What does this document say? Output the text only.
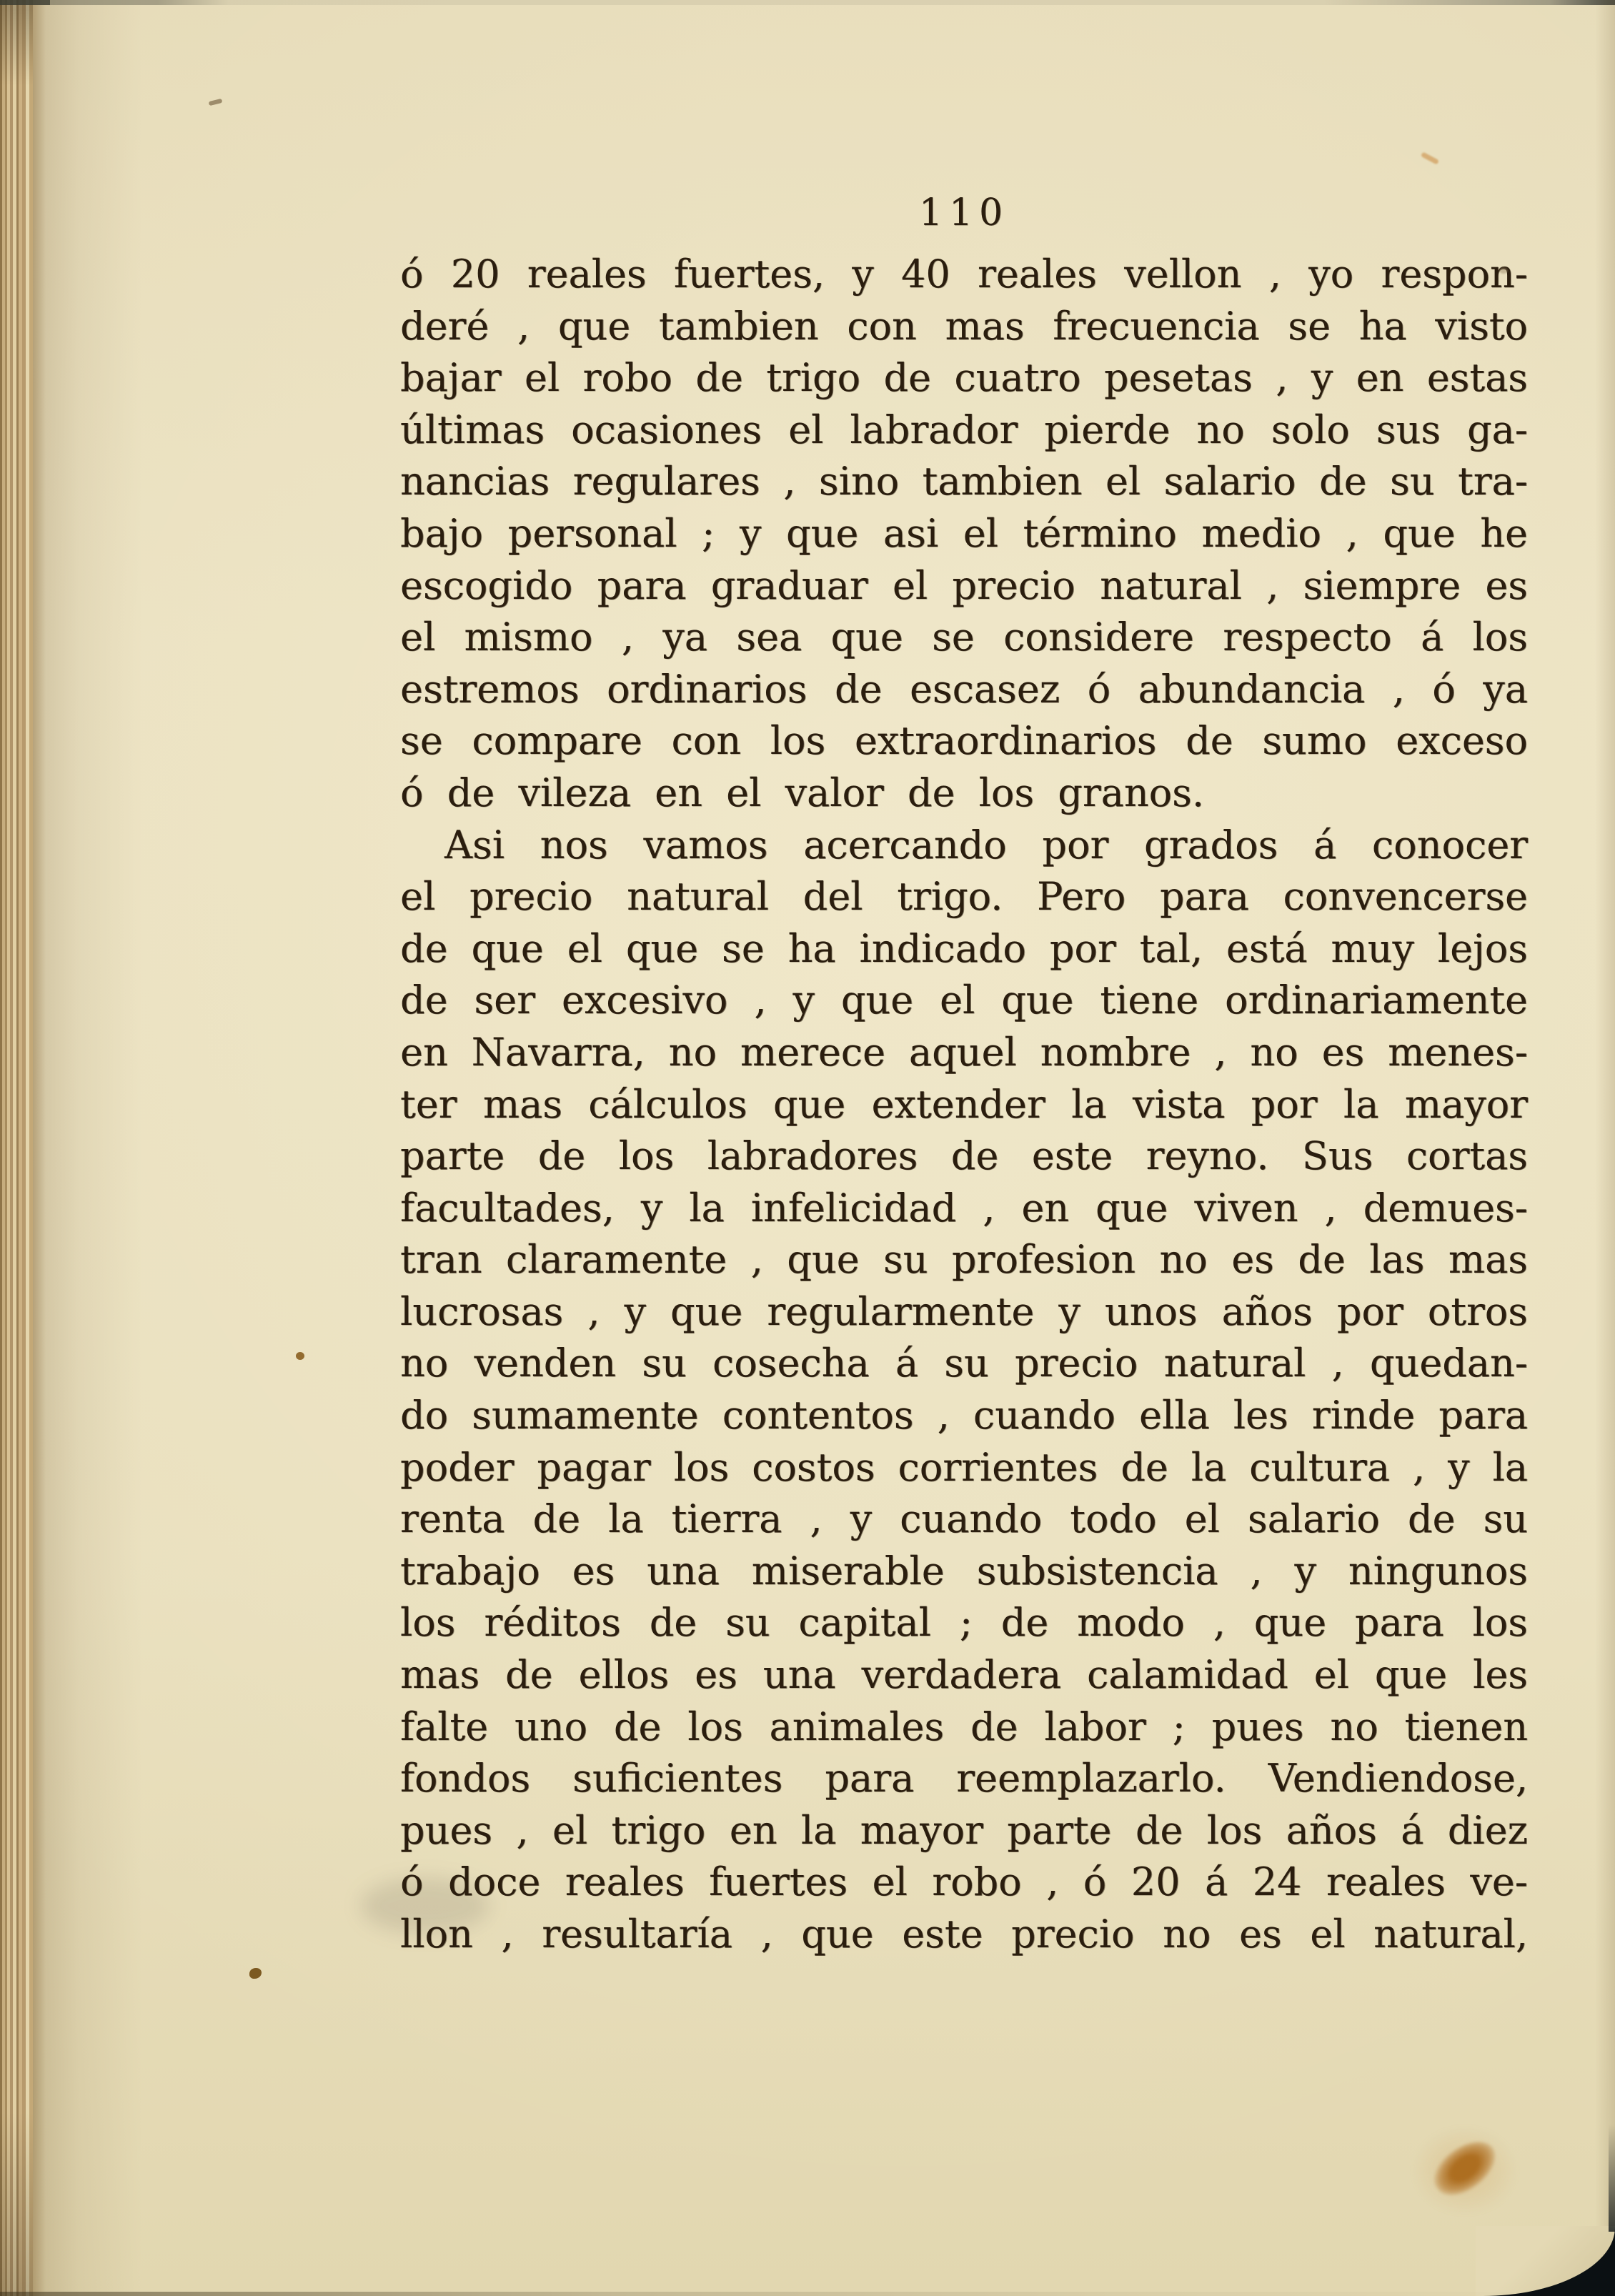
110
ó 20 reales fuertes, y 40 reales vellon , yo respon-
deré , que tambien con mas frecuencia se ha visto
bajar el robo de trigo de cuatro pesetas , y en estas
últimas ocasiones el labrador pierde no solo sus ga-
nancias regulares , sino tambien el salario de su tra-
bajo personal ; y que asi el término medio , que he
escogido para graduar el precio natural , siempre es
el mismo , ya sea que se considere respecto á los
estremos ordinarios de escasez ó abundancia , ó ya
se compare con los extraordinarios de sumo exceso
ó de vileza en el valor de los granos.
Asi nos vamos acercando por grados á conocer
el precio natural del trigo. Pero para convencerse
de que el que se ha indicado por tal, está muy lejos
de ser excesivo , y que el que tiene ordinariamente
en Navarra, no merece aquel nombre , no es menes-
ter mas cálculos que extender la vista por la mayor
parte de los labradores de este reyno. Sus cortas
facultades, y la infelicidad , en que viven , demues-
tran claramente , que su profesion no es de las mas
lucrosas , y que regularmente y unos años por otros
no venden su cosecha á su precio natural , quedan-
do sumamente contentos , cuando ella les rinde para
poder pagar los costos corrientes de la cultura , y la
renta de la tierra , y cuando todo el salario de su
trabajo es una miserable subsistencia , y ningunos
los réditos de su capital ; de modo , que para los
mas de ellos es una verdadera calamidad el que les
falte uno de los animales de labor ; pues no tienen
fondos suficientes para reemplazarlo. Vendiendose,
pues , el trigo en la mayor parte de los años á diez
ó doce reales fuertes el robo , ó 20 á 24 reales ve-
llon , resultaría , que este precio no es el natural,
